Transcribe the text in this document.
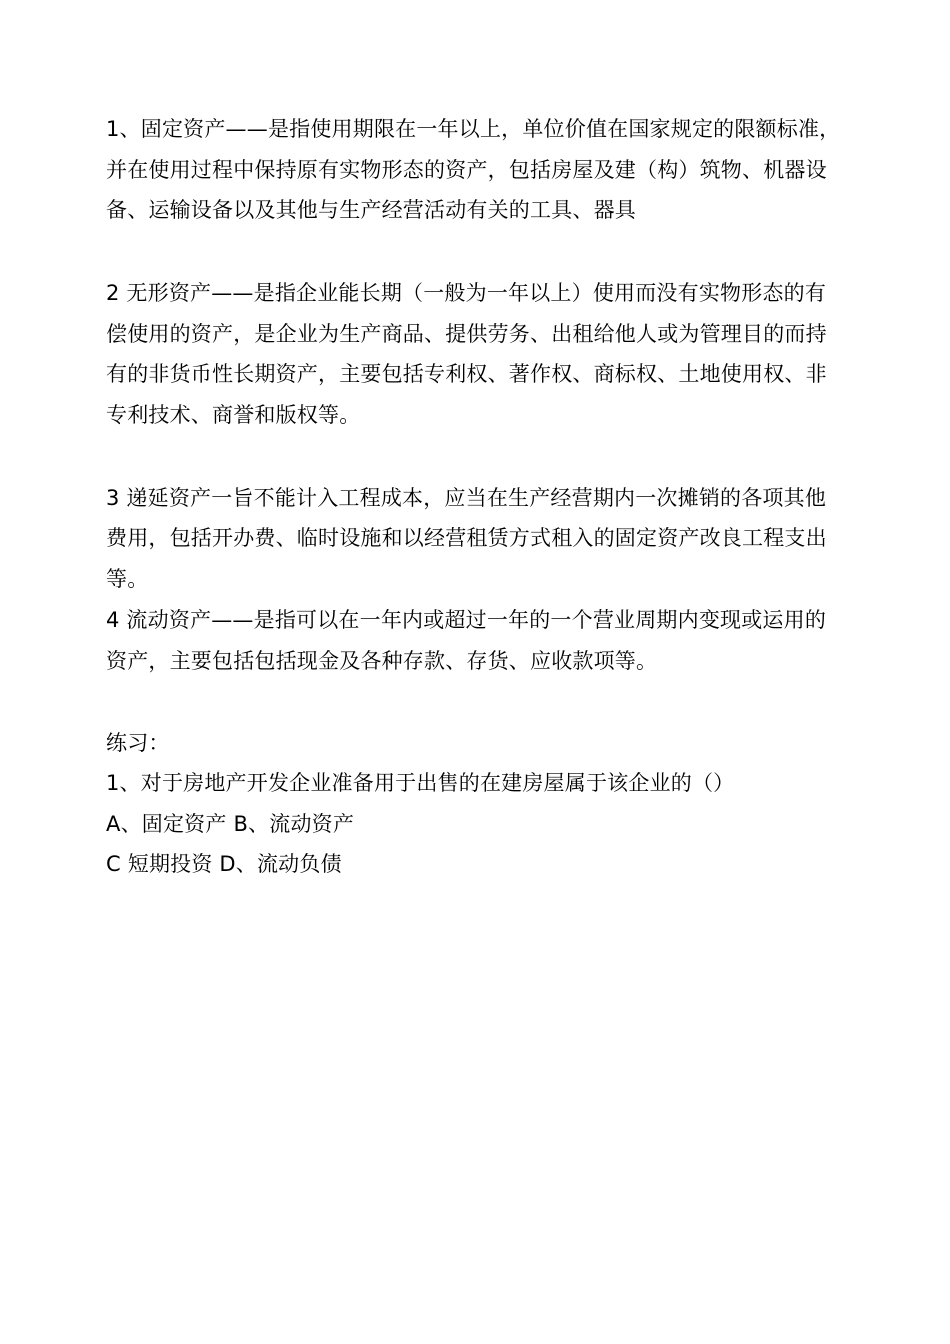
1、固定资产——是指使用期限在一年以上，单位价值在国家规定的限额标准，
并在使用过程中保持原有实物形态的资产，包括房屋及建（构）筑物、机器设
备、运输设备以及其他与生产经营活动有关的工具、器具
2 无形资产——是指企业能长期（一般为一年以上）使用而没有实物形态的有
偿使用的资产，是企业为生产商品、提供劳务、出租给他人或为管理目的而持
有的非货币性长期资产，主要包括专利权、著作权、商标权、土地使用权、非
专利技术、商誉和版权等。
3 递延资产一旨不能计入工程成本，应当在生产经营期内一次摊销的各项其他
费用，包括开办费、临时设施和以经营租赁方式租入的固定资产改良工程支出
等。
4 流动资产——是指可以在一年内或超过一年的一个营业周期内变现或运用的
资产，主要包括包括现金及各种存款、存货、应收款项等。
练习：
1、对于房地产开发企业准备用于出售的在建房屋属于该企业的（）
A、固定资产 B、流动资产
C 短期投资 D、流动负债
